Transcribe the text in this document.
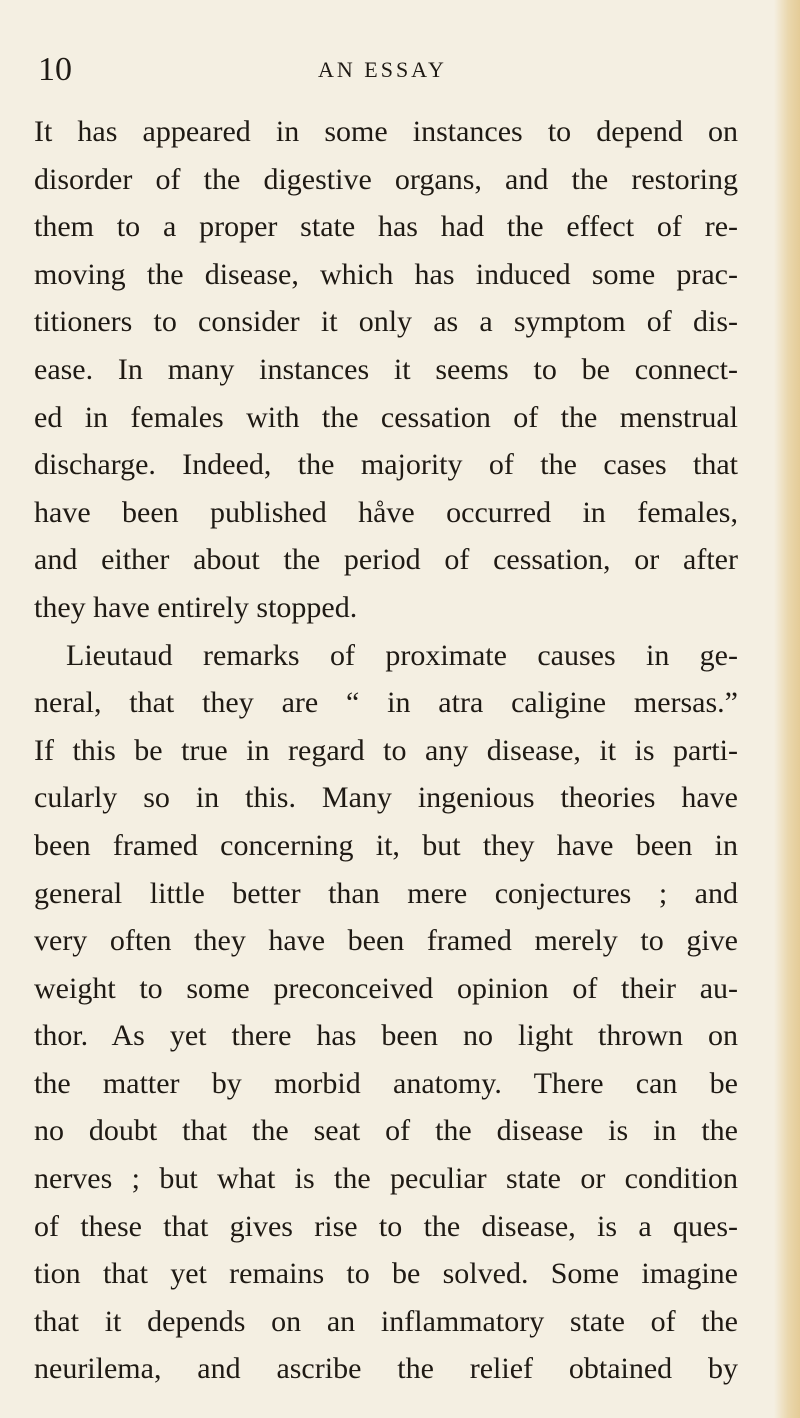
10	AN ESSAY
It has appeared in some instances to depend on
disorder of the digestive organs, and the restoring
them to a proper state has had the effect of re-
moving the disease, which has induced some prac-
titioners to consider it only as a symptom of dis-
ease. In many instances it seems to be connect-
ed in females with the cessation of the menstrual
discharge. Indeed, the majority of the cases that
have been published håve occurred in females,
and either about the period of cessation, or after
they have entirely stopped.
Lieutaud remarks of proximate causes in ge-
neral, that they are “ in atra caligine mersas.”
If this be true in regard to any disease, it is parti-
cularly so in this. Many ingenious theories have
been framed concerning it, but they have been in
general little better than mere conjectures ; and
very often they have been framed merely to give
weight to some preconceived opinion of their au-
thor. As yet there has been no light thrown on
the matter by morbid anatomy. There can be
no doubt that the seat of the disease is in the
nerves ; but what is the peculiar state or condition
of these that gives rise to the disease, is a ques-
tion that yet remains to be solved. Some imagine
that it depends on an inflammatory state of the
neurilema, and ascribe the relief obtained by
